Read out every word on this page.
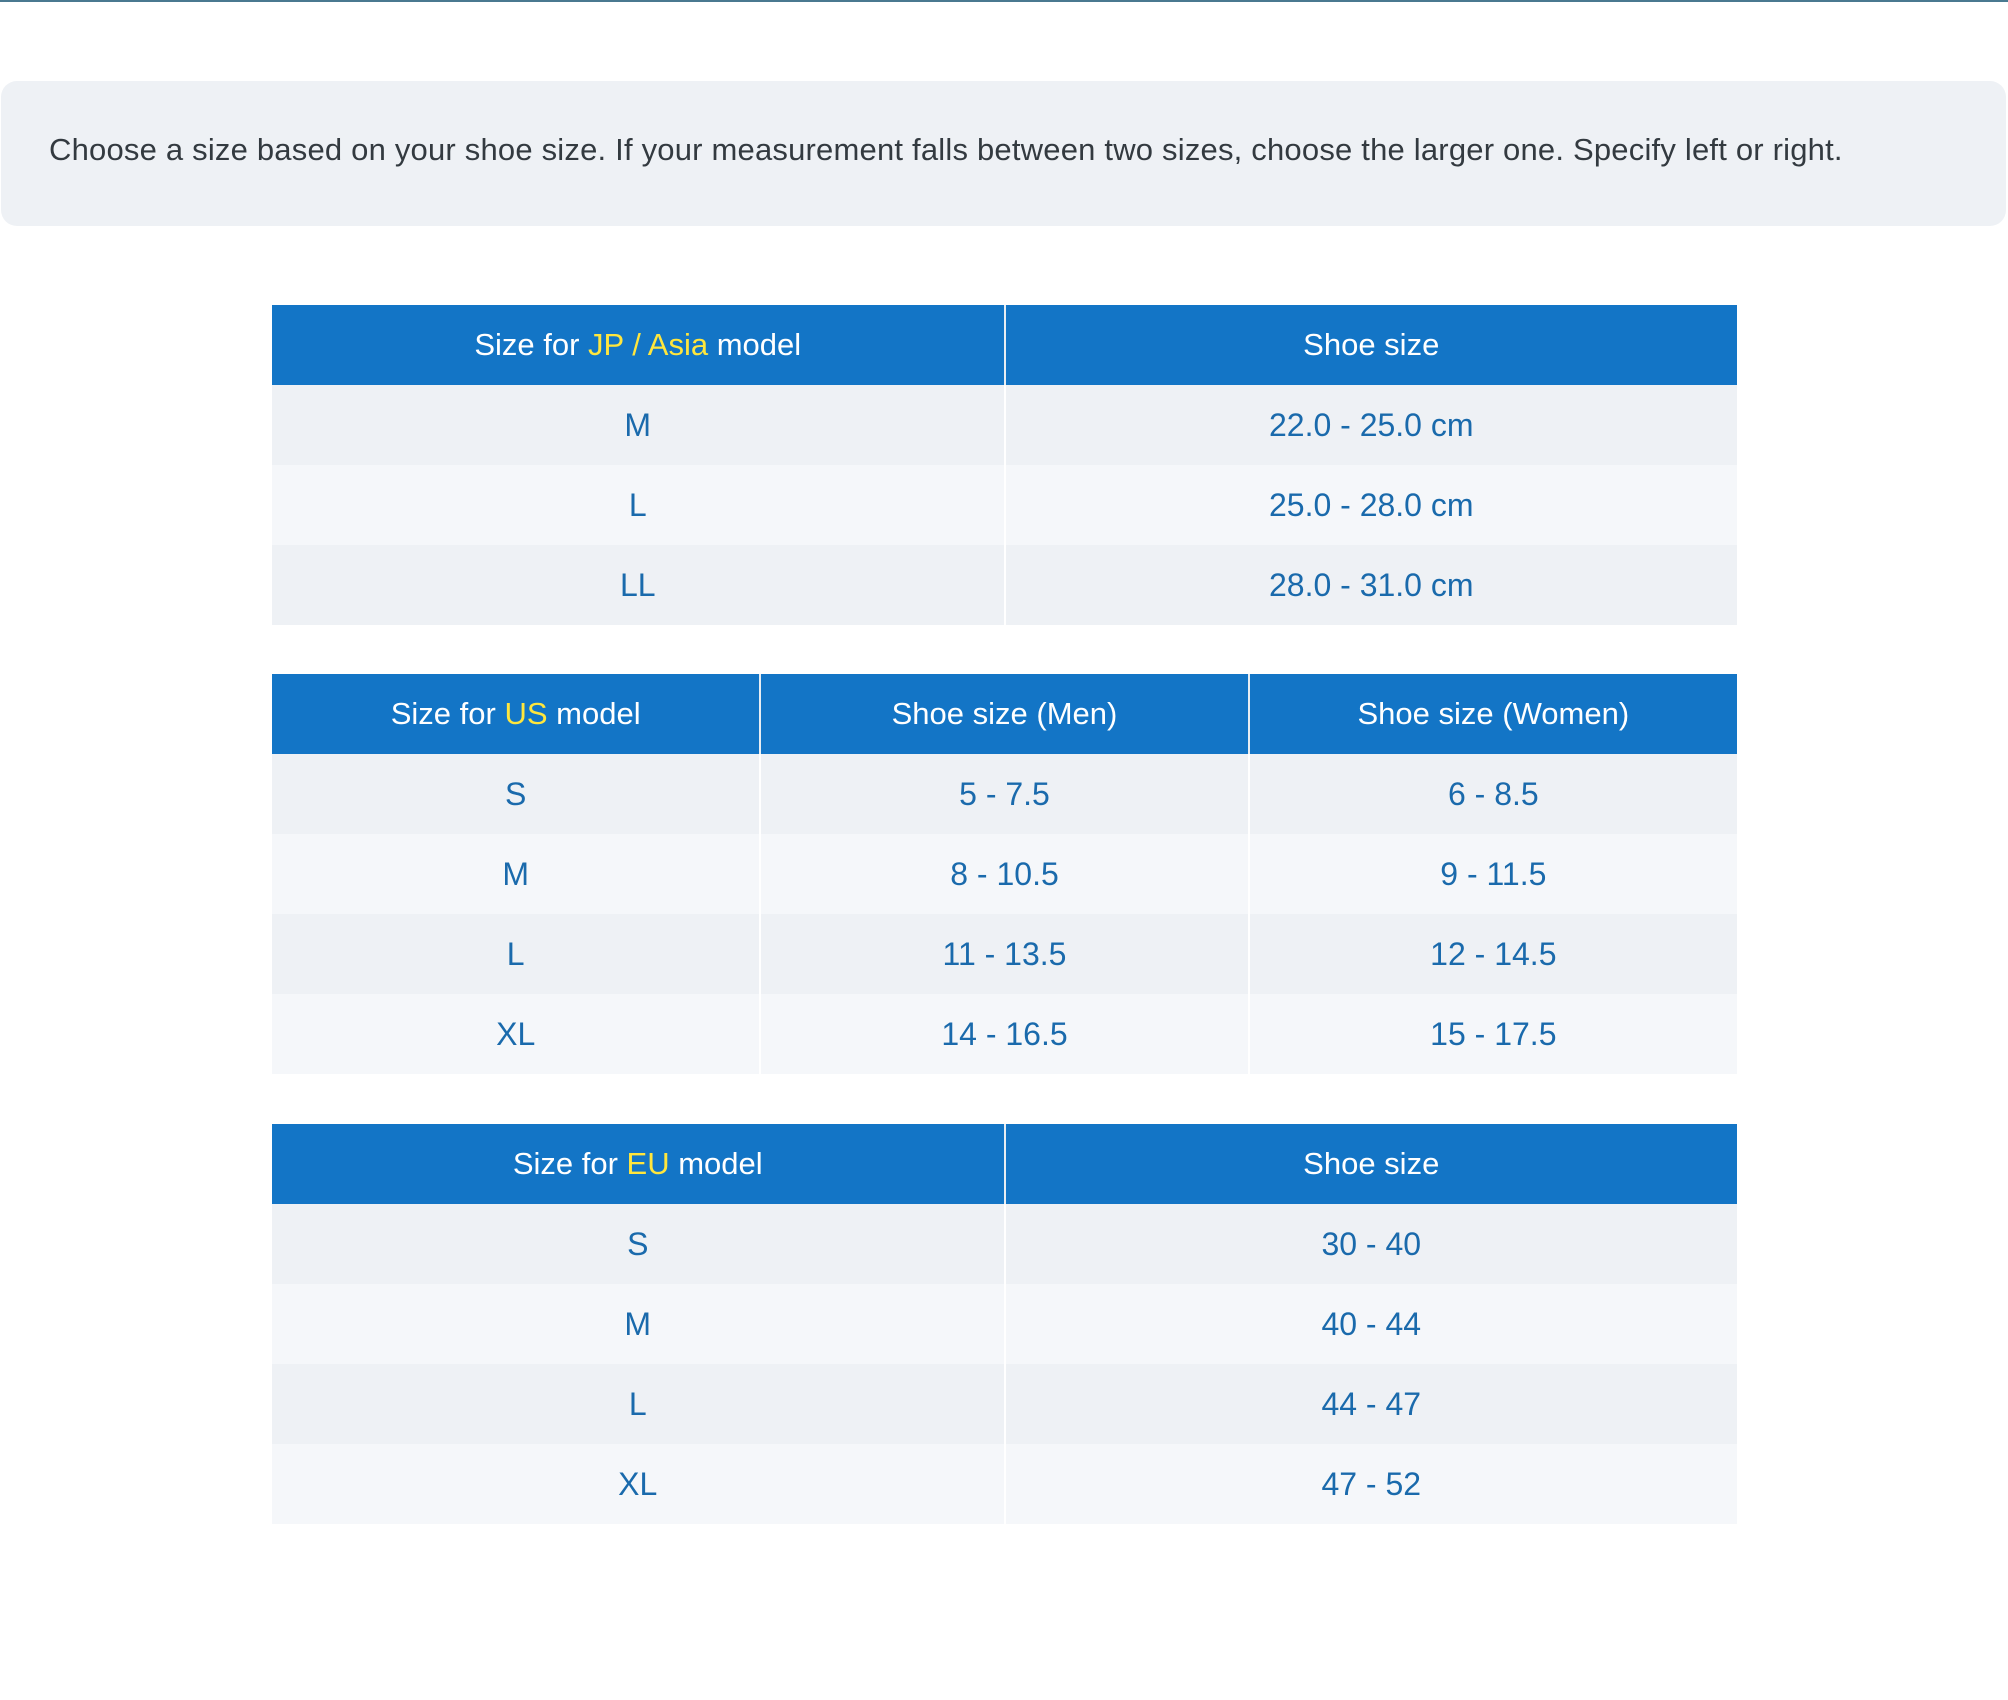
Choose a size based on your shoe size. If your measurement falls between two sizes, choose the larger one. Specify left or right.
Size for JP / Asia model	Shoe size
M	22.0 - 25.0 cm
L	25.0 - 28.0 cm
LL	28.0 - 31.0 cm
Size for US model	Shoe size (Men)	Shoe size (Women)
S	5 - 7.5	6 - 8.5
M	8 - 10.5	9 - 11.5
L	11 - 13.5	12 - 14.5
XL	14 - 16.5	15 - 17.5
Size for EU model	Shoe size
S	30 - 40
M	40 - 44
L	44 - 47
XL	47 - 52
